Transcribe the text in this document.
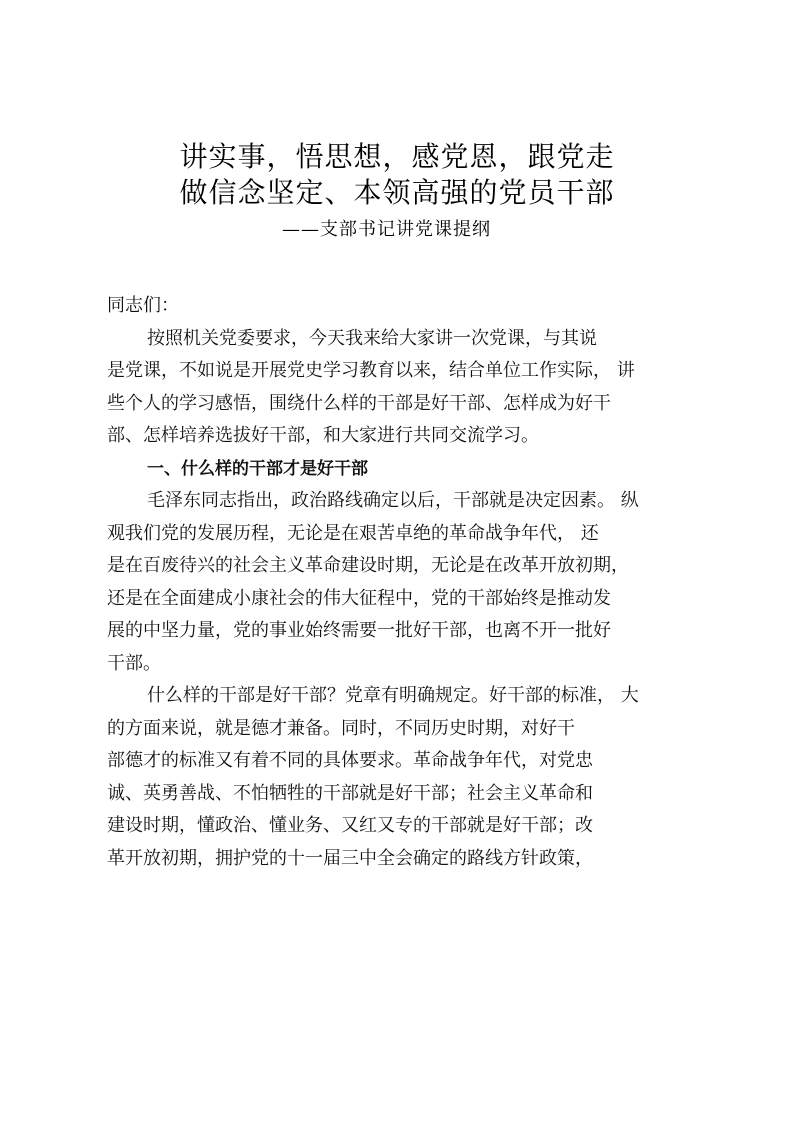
讲实事，悟思想，感党恩，跟党走
做信念坚定、本领高强的党员干部
——支部书记讲党课提纲
同志们：
按照机关党委要求，今天我来给大家讲一次党课，与其说
是党课，不如说是开展党史学习教育以来，结合单位工作实际， 讲
些个人的学习感悟，围绕什么样的干部是好干部、怎样成为好干
部、怎样培养选拔好干部，和大家进行共同交流学习。
一、什么样的干部才是好干部
毛泽东同志指出，政治路线确定以后，干部就是决定因素。 纵
观我们党的发展历程，无论是在艰苦卓绝的革命战争年代， 还
是在百废待兴的社会主义革命建设时期，无论是在改革开放初期，
还是在全面建成小康社会的伟大征程中，党的干部始终是推动发
展的中坚力量，党的事业始终需要一批好干部，也离不开一批好
干部。
什么样的干部是好干部？党章有明确规定。好干部的标准， 大
的方面来说，就是德才兼备。同时，不同历史时期，对好干
部德才的标准又有着不同的具体要求。革命战争年代，对党忠
诚、英勇善战、不怕牺牲的干部就是好干部；社会主义革命和
建设时期，懂政治、懂业务、又红又专的干部就是好干部；改
革开放初期，拥护党的十一届三中全会确定的路线方针政策，
